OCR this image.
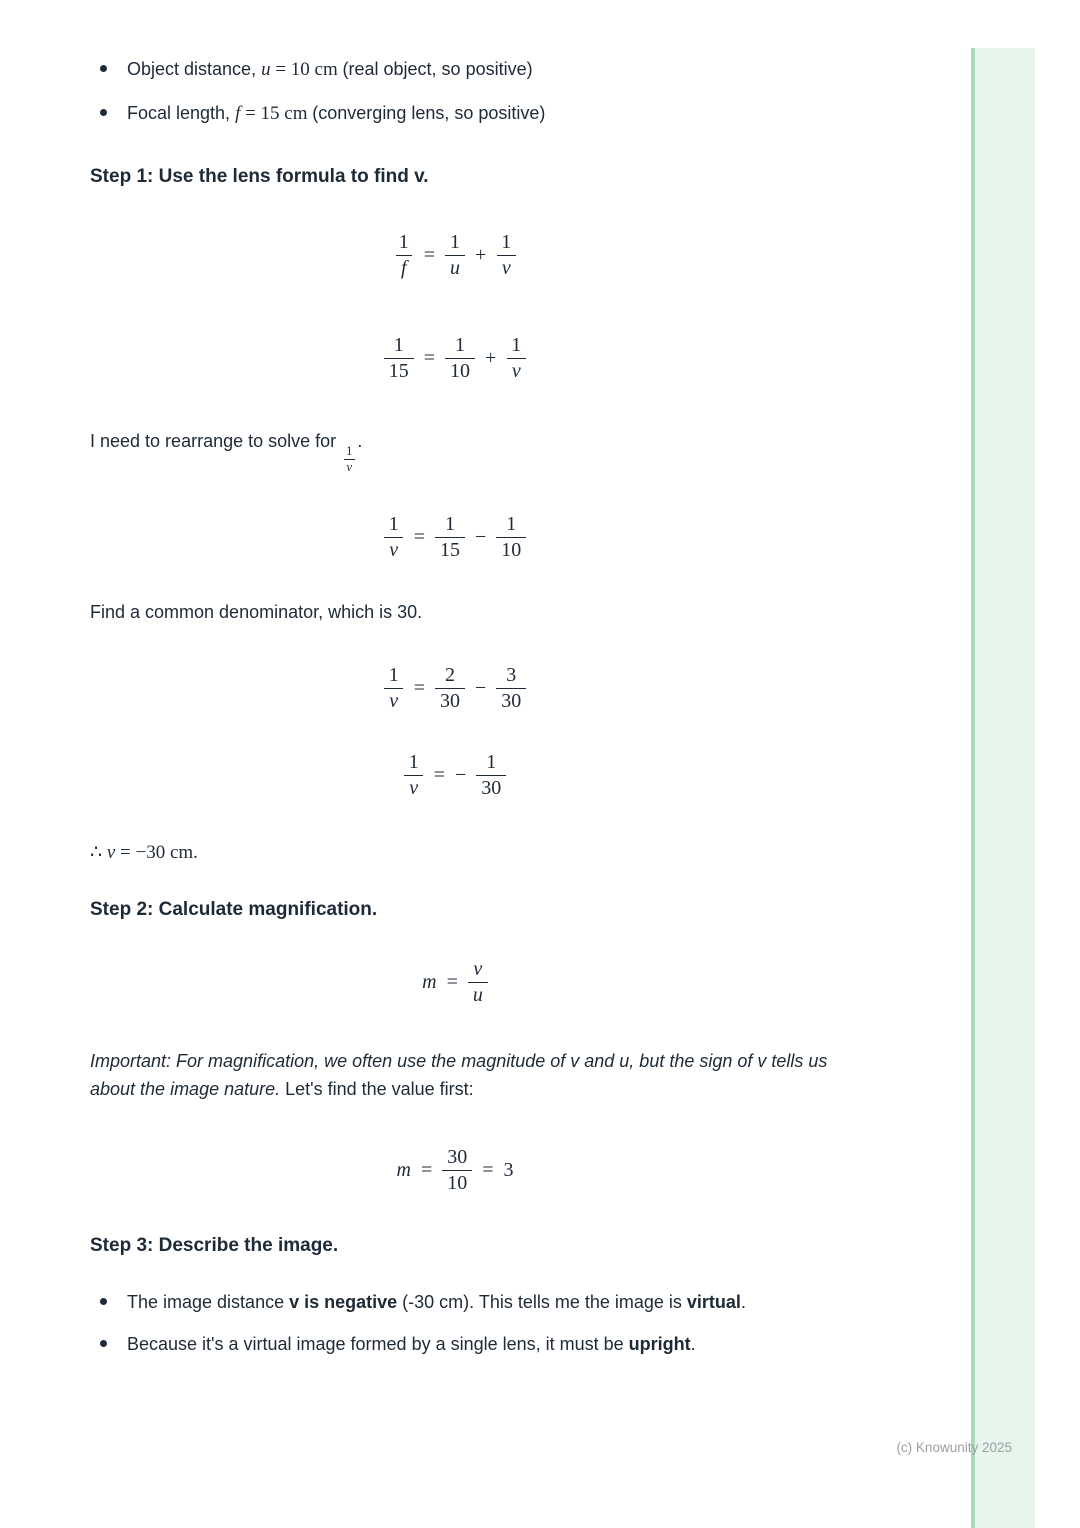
Object distance, u = 10 cm (real object, so positive)
Focal length, f = 15 cm (converging lens, so positive)
Step 1: Use the lens formula to find v.
$\frac{1}{f} = \frac{1}{u} + \frac{1}{v}$
$\frac{1}{15} = \frac{1}{10} + \frac{1}{v}$

I need to rearrange to solve for
$\frac{1}{v}$
.

$\frac{1}{v} = \frac{1}{15} - \frac{1}{10}$

Find a common denominator, which is 30.

$\frac{1}{v} = \frac{2}{30} - \frac{3}{30}$
$\frac{1}{v}$ = − $\frac{1}{30}$

∴ v = −30 cm.

Step 2: Calculate magnification.
$m = \frac{v}{u}$

Important: For magnification, we often use the magnitude of v and u, but the sign of v tells us about the image nature. Let's find the value first:

$m = \frac{30}{10} = 3$
Step 3: Describe the image.
The image distance v is negative (-30 cm). This tells me the image is virtual.
Because it's a virtual image formed by a single lens, it must be upright.
(c) Knowunity 2025
